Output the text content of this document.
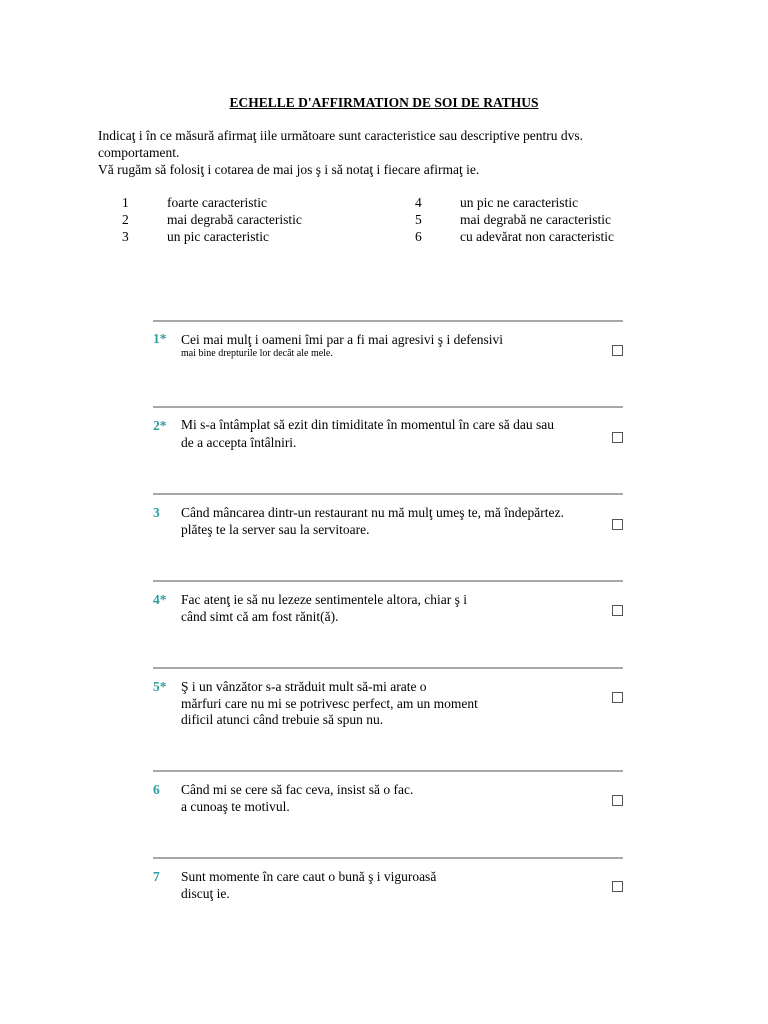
ECHELLE D'AFFIRMATION DE SOI DE RATHUS
Indicaţ i în ce măsură afirmaţ iile următoare sunt caracteristice sau descriptive pentru dvs.
comportament.
Vă rugăm să folosiţ i cotarea de mai jos ş i să notaţ i fiecare afirmaţ ie.
1	foarte caracteristic
2	mai degrabă caracteristic
3	un pic caracteristic
4	un pic ne caracteristic
5	mai degrabă ne caracteristic
6	cu adevărat non caracteristic
1* Cei mai mulţ i oameni îmi par a fi mai agresivi ş i defensivi
mai bine drepturile lor decât ale mele.
2* Mi s-a întâmplat să ezit din timiditate în momentul în care să dau sau
de a accepta întâlniri.
3 Când mâncarea dintr-un restaurant nu mă mulţ umeş te, mă îndepărtez.
plăteş te la server sau la servitoare.
4* Fac atenţ ie să nu lezeze sentimentele altora, chiar ş i
când simt că am fost rănit(ă).
5* Ş i un vânzător s-a străduit mult să-mi arate o
mărfuri care nu mi se potrivesc perfect, am un moment
dificil atunci când trebuie să spun nu.
6 Când mi se cere să fac ceva, insist să o fac.
a cunoaş te motivul.
7 Sunt momente în care caut o bună ş i viguroasă
discuţ ie.
